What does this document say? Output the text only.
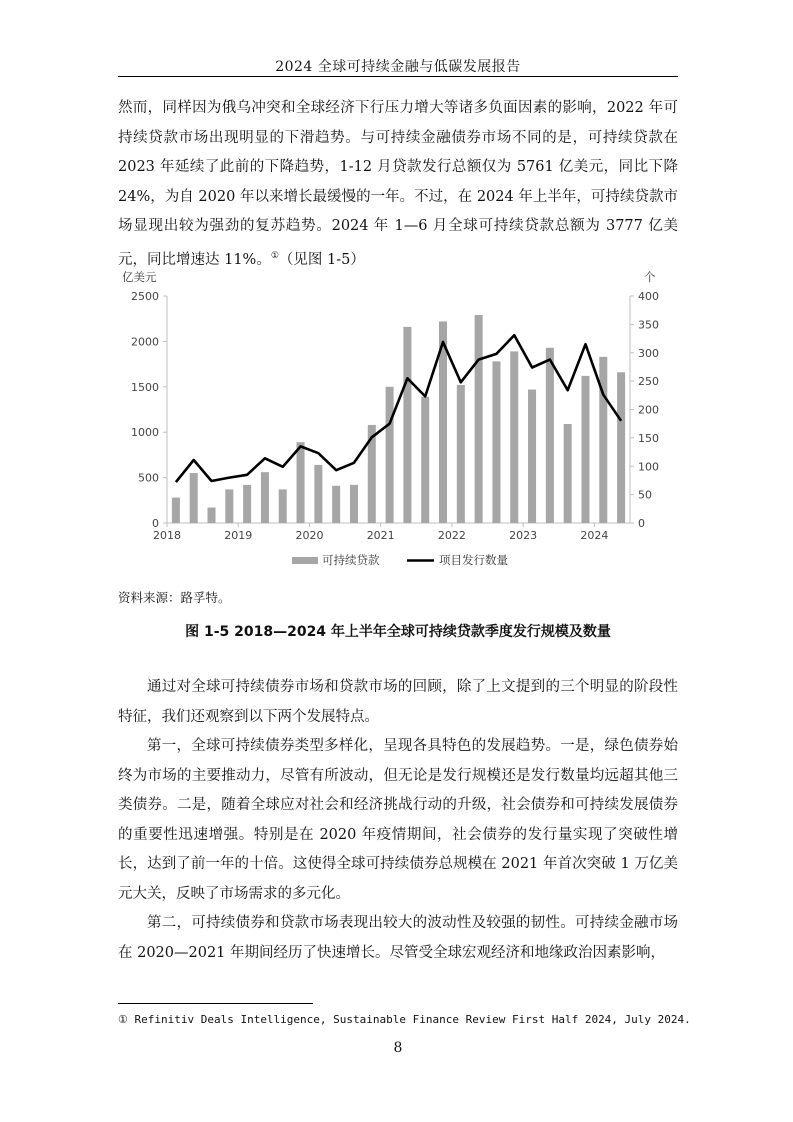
2024 全球可持续金融与低碳发展报告

然而，同样因为俄乌冲突和全球经济下行压力增大等诸多负面因素的影响，2022 年可持续贷款市场出现明显的下滑趋势。与可持续金融债券市场不同的是，可持续贷款在 2023 年延续了此前的下降趋势，1-12 月贷款发行总额仅为 5761 亿美元，同比下降 24%，为自 2020 年以来增长最缓慢的一年。不过，在 2024 年上半年，可持续贷款市场显现出较为强劲的复苏趋势。2024 年 1—6 月全球可持续贷款总额为 3777 亿美元，同比增速达 11%。①（见图 1-5）

0
500
1000
1500
2000
2500
0
50
100
150
200
250
300
350
400
亿美元	个
2018	2019	2020	2021	2022	2023	2024
可持续贷款	项目发行数量
资料来源：路孚特。
图 1-5 2018—2024 年上半年全球可持续贷款季度发行规模及数量

通过对全球可持续债券市场和贷款市场的回顾，除了上文提到的三个明显的阶段性特征，我们还观察到以下两个发展特点。

第一，全球可持续债券类型多样化，呈现各具特色的发展趋势。一是，绿色债券始终为市场的主要推动力，尽管有所波动，但无论是发行规模还是发行数量均远超其他三类债券。二是，随着全球应对社会和经济挑战行动的升级，社会债券和可持续发展债券的重要性迅速增强。特别是在 2020 年疫情期间，社会债券的发行量实现了突破性增长，达到了前一年的十倍。这使得全球可持续债券总规模在 2021 年首次突破 1 万亿美元大关，反映了市场需求的多元化。

第二，可持续债券和贷款市场表现出较大的波动性及较强的韧性。可持续金融市场在 2020—2021 年期间经历了快速增长。尽管受全球宏观经济和地缘政治因素影响，

① Refinitiv Deals Intelligence, Sustainable Finance Review First Half 2024, July 2024.
8
